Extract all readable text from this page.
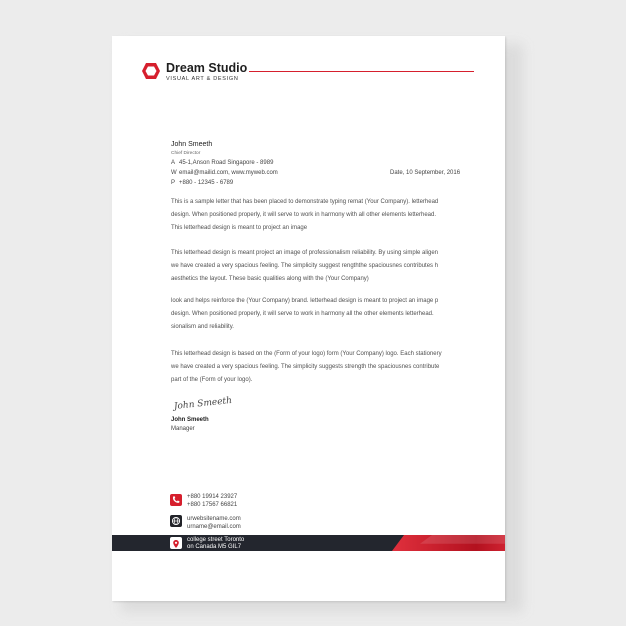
Dream Studio
VISUAL ART & DESIGN
John Smeeth
Chief Director
A 45-1,Anson Road Singapore - 8989
W email@mailid.com, www.myweb.com
P +880 - 12345 - 6789
Date, 10 September, 2016
This is a sample letter that has been placed to demonstrate typing remat (Your Company). letterhead
design. When positioned properly, it will serve to work in harmony with all other elements letterhead.
This letterhead design is meant to project an image
This letterhead design is meant project an image of professionalism reliability. By using simple aligen
we have created a very spacious feeling. The simplicity suggest rengththe spaciousnes contributes h
aesthetics the layout. These basic qualities along with the (Your Company)
look and helps reinforce the (Your Company) brand. letterhead design is meant to project an image p
design. When positioned properly, it will serve to work in harmony all the other elements letterhead.
sionalism and reliability.
This letterhead design is based on the (Form of your logo) form (Your Company) logo. Each stationery
we have created a very spacious feeling. The simplicity suggests strength the spaciousnes contribute
part of the (Form of your logo).
John Smeeth
John Smeeth
Manager
+880 19914 23927
+880 17567 66821
urwebsitename.com
urname@email.com
college street Toronto
on Canada M5 GIL7
